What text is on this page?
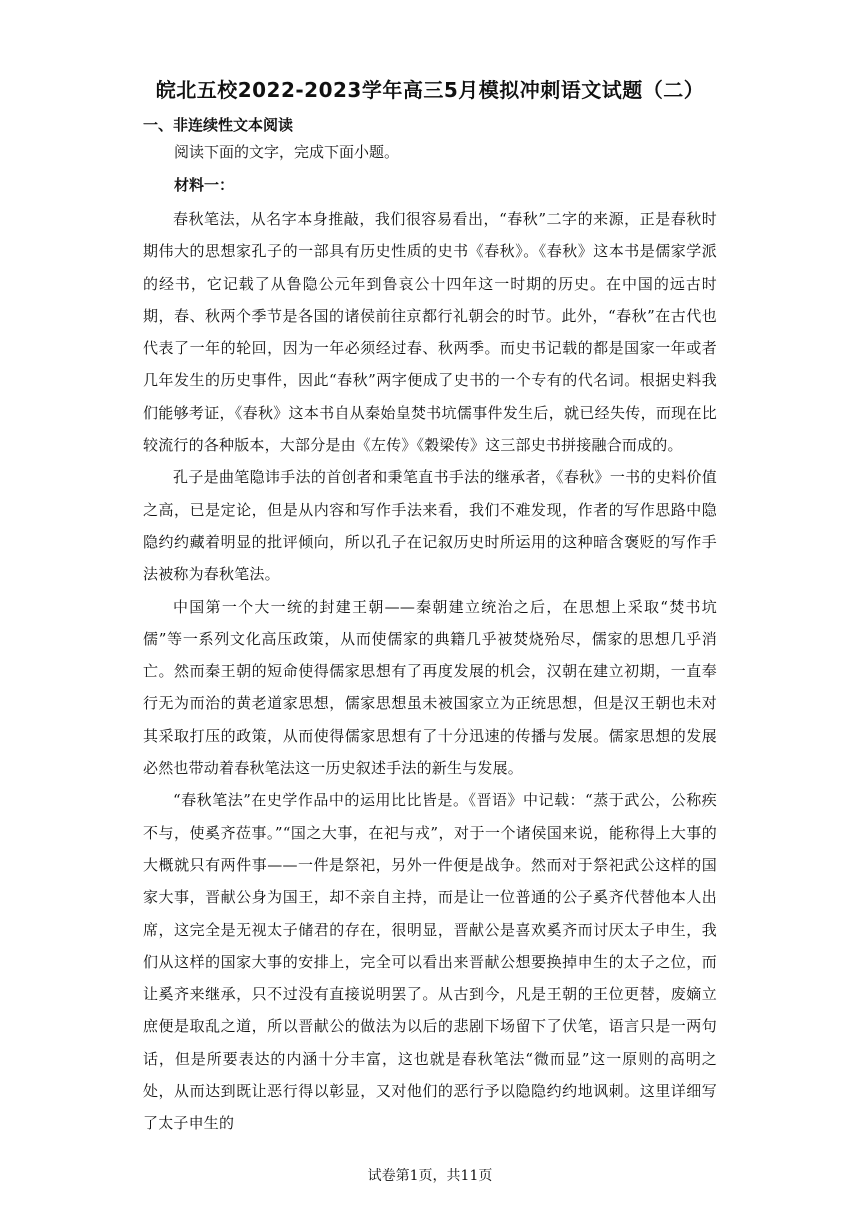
皖北五校2022-2023学年高三5月模拟冲刺语文试题（二）
一、非连续性文本阅读
阅读下面的文字，完成下面小题。
材料一：

春秋笔法，从名字本身推敲，我们很容易看出，“春秋”二字的来源，正是春秋时期伟大的思想家孔子的一部具有历史性质的史书《春秋》。《春秋》这本书是儒家学派的经书，它记载了从鲁隐公元年到鲁哀公十四年这一时期的历史。在中国的远古时期，春、秋两个季节是各国的诸侯前往京都行礼朝会的时节。此外，“春秋”在古代也代表了一年的轮回，因为一年必须经过春、秋两季。而史书记载的都是国家一年或者几年发生的历史事件，因此“春秋”两字便成了史书的一个专有的代名词。根据史料我们能够考证，《春秋》这本书自从秦始皇焚书坑儒事件发生后，就已经失传，而现在比较流行的各种版本，大部分是由《左传》《穀梁传》这三部史书拼接融合而成的。

孔子是曲笔隐讳手法的首创者和秉笔直书手法的继承者，《春秋》一书的史料价值之高，已是定论，但是从内容和写作手法来看，我们不难发现，作者的写作思路中隐隐约约藏着明显的批评倾向，所以孔子在记叙历史时所运用的这种暗含褒贬的写作手法被称为春秋笔法。

中国第一个大一统的封建王朝——秦朝建立统治之后，在思想上采取“焚书坑儒”等一系列文化高压政策，从而使儒家的典籍几乎被焚烧殆尽，儒家的思想几乎消亡。然而秦王朝的短命使得儒家思想有了再度发展的机会，汉朝在建立初期，一直奉行无为而治的黄老道家思想，儒家思想虽未被国家立为正统思想，但是汉王朝也未对其采取打压的政策，从而使得儒家思想有了十分迅速的传播与发展。儒家思想的发展必然也带动着春秋笔法这一历史叙述手法的新生与发展。

“春秋笔法”在史学作品中的运用比比皆是。《晋语》中记载：“蒸于武公，公称疾不与，使奚齐莅事。”“国之大事，在祀与戎”，对于一个诸侯国来说，能称得上大事的大概就只有两件事——一件是祭祀，另外一件便是战争。然而对于祭祀武公这样的国家大事，晋献公身为国王，却不亲自主持，而是让一位普通的公子奚齐代替他本人出席，这完全是无视太子储君的存在，很明显，晋献公是喜欢奚齐而讨厌太子申生，我们从这样的国家大事的安排上，完全可以看出来晋献公想要换掉申生的太子之位，而让奚齐来继承，只不过没有直接说明罢了。从古到今，凡是王朝的王位更替，废嫡立庶便是取乱之道，所以晋献公的做法为以后的悲剧下场留下了伏笔，语言只是一两句话，但是所要表达的内涵十分丰富，这也就是春秋笔法“微而显”这一原则的高明之处，从而达到既让恶行得以彰显，又对他们的恶行予以隐隐约约地讽刺。这里详细写了太子申生的

试卷第1页，共11页
